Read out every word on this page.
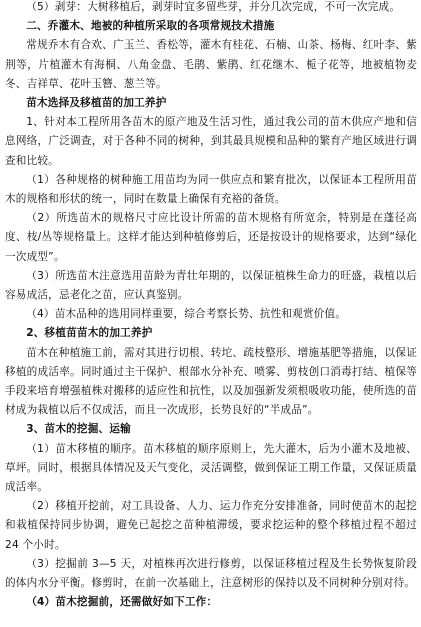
（5）剥芽：大树移植后，剥芽时宜多留些芽，并分几次完成，不可一次完成。

二、乔灌木、地被的种植所采取的各项常规技术措施

常规乔木有合欢、广玉兰、香松等，灌木有桂花、石楠、山茶、杨梅、红叶李、紫荆等，片植灌木有海桐、八角金盘、毛鹃、紫鹃、红花继木、栀子花等，地被植物麦冬、吉祥草、花叶玉簪、葱兰等。

苗木选择及移植苗的加工养护

1、针对本工程所用各苗木的原产地及生活习性，通过我公司的苗木供应产地和信息网络，广泛调查，对于各种不同的树种，到其最具规模和品种的繁育产地区域进行调查和比较。

（1）各种规格的树种施工用苗均为同一供应点和繁育批次，以保证本工程所用苗木的规格和形状的统一，同时在数量上确保有充裕的备货。

（2）所选苗木的规格尺寸应比设计所需的苗木规格有所宽余，特别是在蓬径高度、枝/丛等规格量上。这样才能达到种植修剪后，还是按设计的规格要求，达到“绿化一次成型”。

（3）所选苗木注意选用苗龄为青壮年期的，以保证植株生命力的旺盛，栽植以后容易成活，忌老化之苗，应认真鉴别。

（4）苗木品种的选用同样重要，综合考察长势、抗性和观赏价值。

2、移植苗苗木的加工养护

苗木在种植施工前，需对其进行切根、转坨、疏枝整形、增施基肥等措施，以保证移植的成活率。同时通过主干保护、根部水分补充、喷雾、剪枝创口消毒打结、植保等手段来培育增强植株对搬移的适应性和抗性，以及加强新发须根吸收功能，使所选的苗材成为栽植以后不仅成活，而且一次成形，长势良好的“半成品”。

3、苗木的挖掘、运输

（1）苗木移植的顺序。苗木移植的顺序原则上，先大灌木，后为小灌木及地被、草坪。同时，根据具体情况及天气变化，灵活调整，做到保证工期工作量，又保证质量成活率。

（2）移植开挖前，对工具设备、人力、运力作充分安排准备，同时使苗木的起挖和栽植保持同步协调，避免已起挖之苗种植滞缓，要求挖运种的整个移植过程不超过 24 个小时。

（3）挖掘前 3—5 天，对植株再次进行修剪，以保证移植过程及生长势恢复阶段的体内水分平衡。修剪时，在前一次基础上，注意树形的保持以及不同树种分别对待。

（4）苗木挖掘前，还需做好如下工作：
